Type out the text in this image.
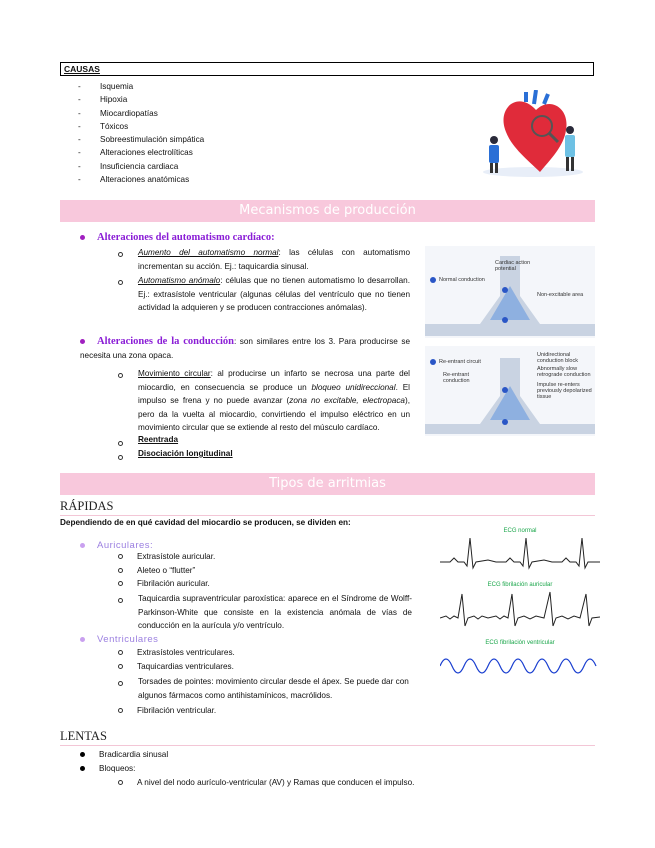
CAUSAS
- Isquemia
- Hipoxia
- Miocardiopatías
- Tóxicos
- Sobreestimulación simpática
- Alteraciones electrolíticas
- Insuficiencia cardiaca
- Alteraciones anatómicas
Mecanismos de producción
Alteraciones del automatismo cardíaco:
Aumento del automatismo normal: las células con automatismo incrementan su acción. Ej.: taquicardia sinusal.
Automatismo anómalo: células que no tienen automatismo lo desarrollan. Ej.: extrasístole ventricular (algunas células del ventrículo que no tienen actividad la adquieren y se producen contracciones anómalas).
Alteraciones de la conducción: son similares entre los 3. Para producirse se necesita una zona opaca.
Movimiento circular: al producirse un infarto se necrosa una parte del miocardio, en consecuencia se produce un bloqueo unidireccional. El impulso se frena y no puede avanzar (zona no excitable, electropaca), pero da la vuelta al miocardio, convirtiendo el impulso eléctrico en un movimiento circular que se extiende al resto del músculo cardíaco.
Reentrada
Disociación longitudinal
Normal conduction
Cardiac action potential
Non-excitable area
Re-entrant circuit
Re-entrant conduction
Unidirectional conduction block
Abnormally slow retrograde conduction
Impulse re-enters previously depolarized tissue
Tipos de arritmias
RÁPIDAS
Dependiendo de en qué cavidad del miocardio se producen, se dividen en:
Auriculares:
Extrasístole auricular.
Aleteo o “flutter”
Fibrilación auricular.
Taquicardia supraventricular paroxística: aparece en el Síndrome de Wolff-Parkinson-White que consiste en la existencia anómala de vías de conducción en la aurícula y/o ventrículo.
Ventriculares
Extrasístoles ventriculares.
Taquicardias ventriculares.
Torsades de pointes: movimiento circular desde el ápex. Se puede dar con algunos fármacos como antihistamínicos, macrólidos.
Fibrilación ventricular.
ECG normal
ECG fibrilación auricular
ECG fibrilación ventricular
LENTAS
Bradicardia sinusal
Bloqueos:
A nivel del nodo aurículo-ventricular (AV) y Ramas que conducen el impulso.
